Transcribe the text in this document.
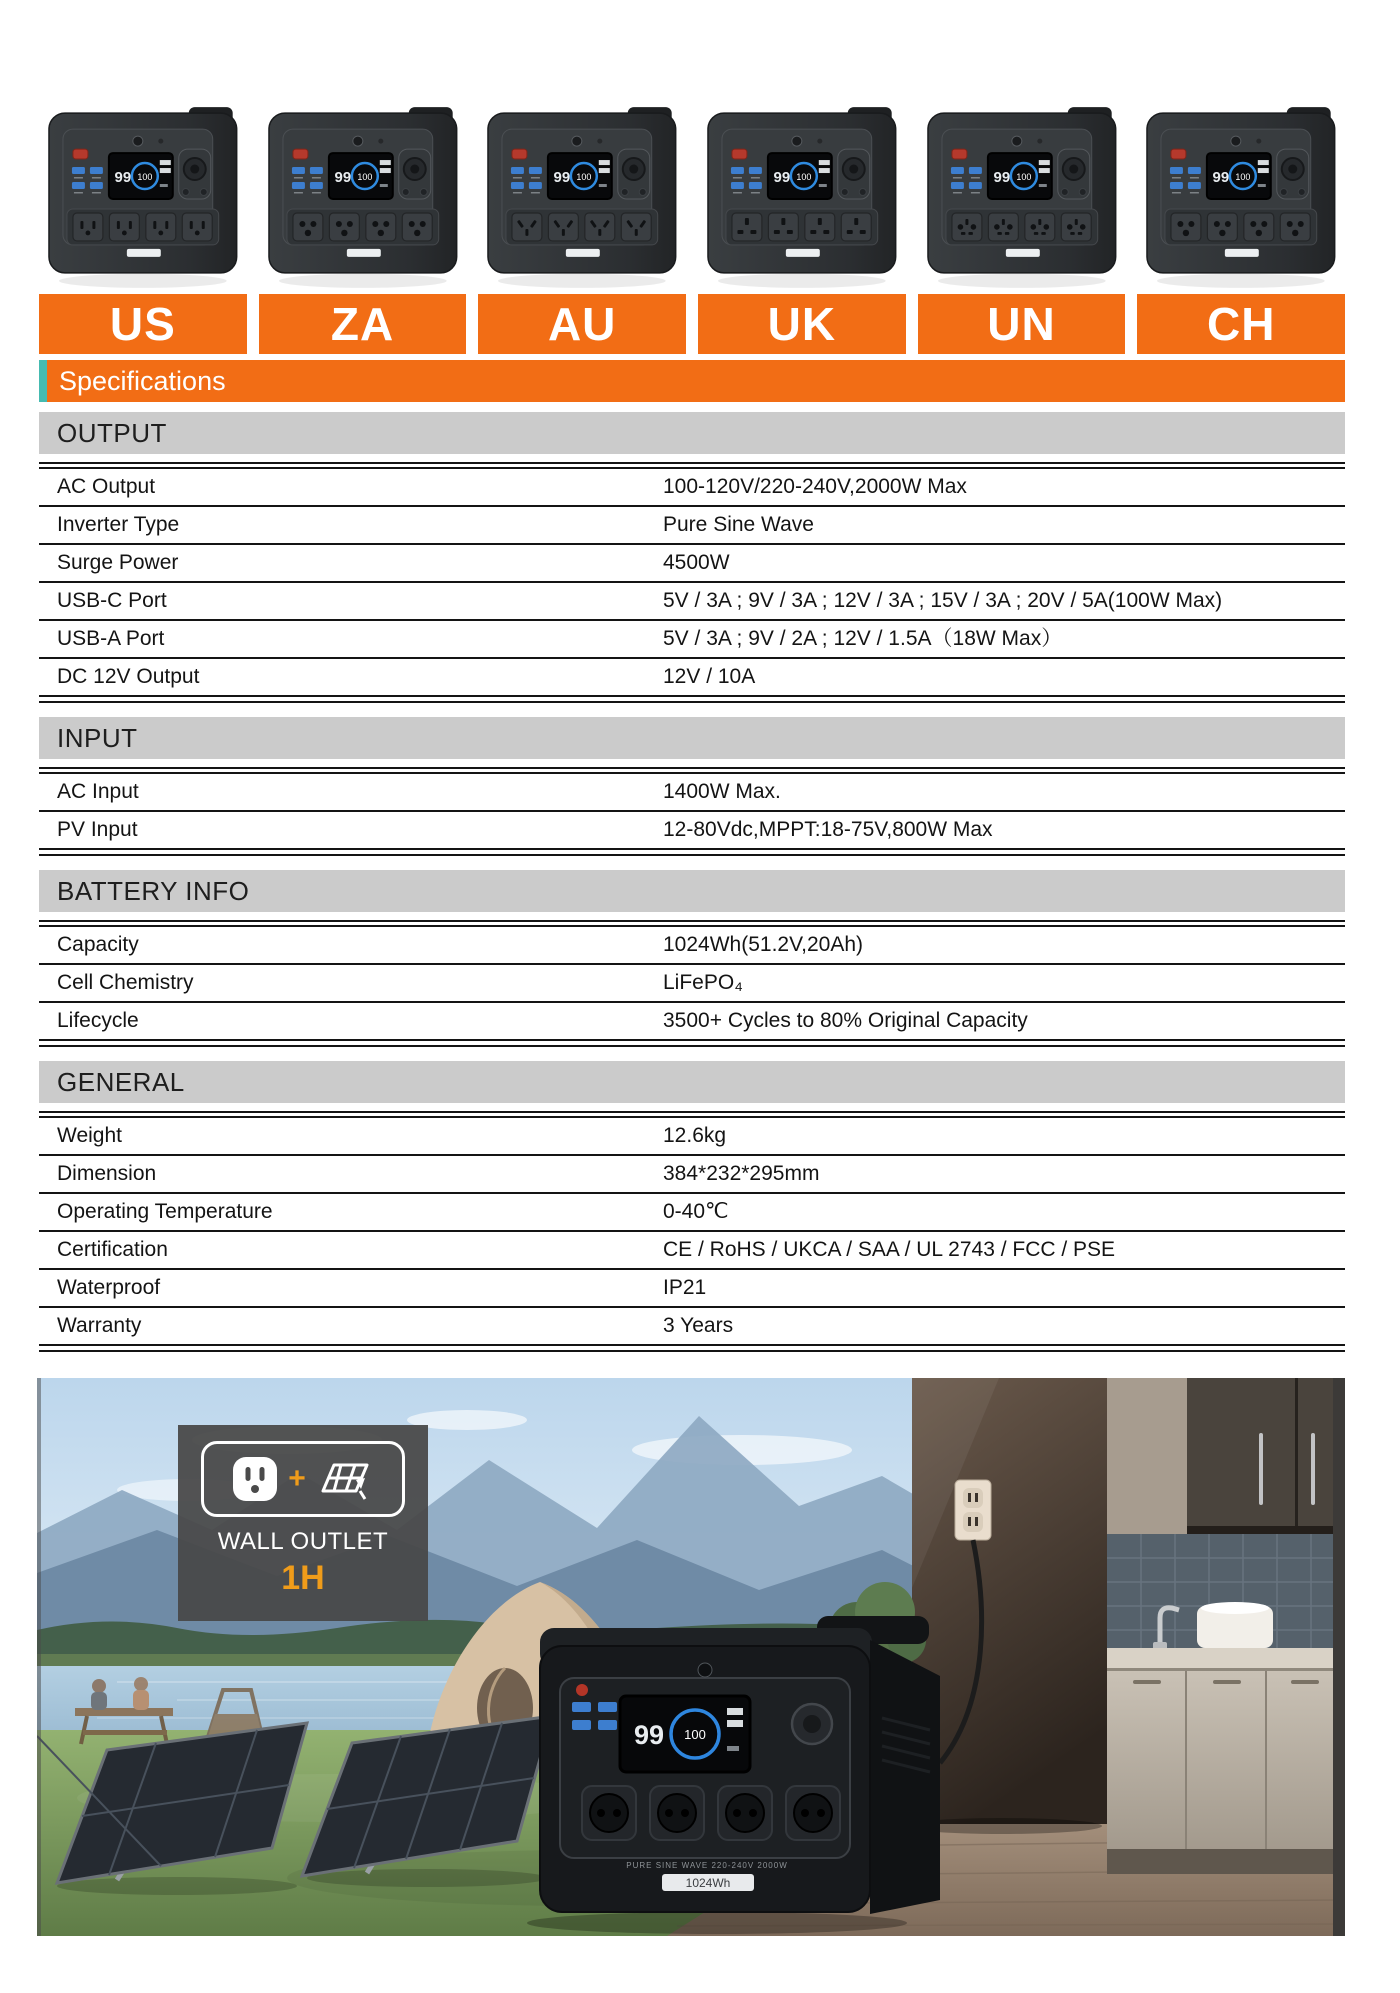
99 100	99 100	99 100	99 100	99 100	99 100
US	ZA	AU	UK	UN	CH
Specifications
OUTPUT
AC Output	100-120V/220-240V,2000W Max
Inverter Type	Pure Sine Wave
Surge Power	4500W
USB-C Port	5V / 3A ; 9V / 3A ; 12V / 3A ; 15V / 3A ; 20V / 5A(100W Max)
USB-A Port	5V / 3A ; 9V / 2A ; 12V / 1.5A（18W Max）
DC 12V Output	12V / 10A
INPUT
AC Input	1400W Max.
PV Input	12-80Vdc,MPPT:18-75V,800W Max
BATTERY INFO
Capacity	1024Wh(51.2V,20Ah)
Cell Chemistry	LiFePO₄
Lifecycle	3500+ Cycles to 80% Original Capacity
GENERAL
Weight	12.6kg
Dimension	384*232*295mm
Operating Temperature	0-40℃
Certification	CE / RoHS / UKCA / SAA / UL 2743 / FCC / PSE
Waterproof	IP21
Warranty	3 Years
99 100
PURE SINE WAVE 220-240V 2000W
1024Wh
+
WALL OUTLET
1H
